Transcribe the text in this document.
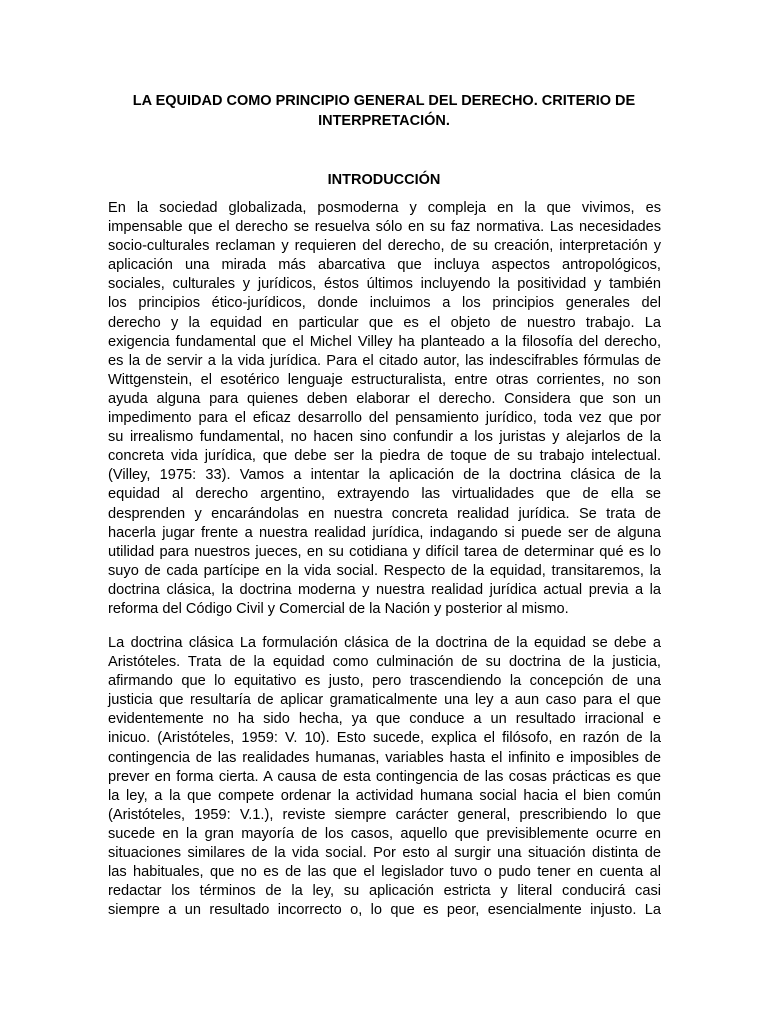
LA EQUIDAD COMO PRINCIPIO GENERAL DEL DERECHO. CRITERIO DE
INTERPRETACIÓN.
INTRODUCCIÓN
En la sociedad globalizada, posmoderna y compleja en la que vivimos, es
impensable que el derecho se resuelva sólo en su faz normativa. Las necesidades
socio-culturales reclaman y requieren del derecho, de su creación, interpretación y
aplicación una mirada más abarcativa que incluya aspectos antropológicos,
sociales, culturales y jurídicos, éstos últimos incluyendo la positividad y también
los principios ético-jurídicos, donde incluimos a los principios generales del
derecho y la equidad en particular que es el objeto de nuestro trabajo. La
exigencia fundamental que el Michel Villey ha planteado a la filosofía del derecho,
es la de servir a la vida jurídica. Para el citado autor, las indescifrables fórmulas de
Wittgenstein, el esotérico lenguaje estructuralista, entre otras corrientes, no son
ayuda alguna para quienes deben elaborar el derecho. Considera que son un
impedimento para el eficaz desarrollo del pensamiento jurídico, toda vez que por
su irrealismo fundamental, no hacen sino confundir a los juristas y alejarlos de la
concreta vida jurídica, que debe ser la piedra de toque de su trabajo intelectual.
(Villey, 1975: 33). Vamos a intentar la aplicación de la doctrina clásica de la
equidad al derecho argentino, extrayendo las virtualidades que de ella se
desprenden y encarándolas en nuestra concreta realidad jurídica. Se trata de
hacerla jugar frente a nuestra realidad jurídica, indagando si puede ser de alguna
utilidad para nuestros jueces, en su cotidiana y difícil tarea de determinar qué es lo
suyo de cada partícipe en la vida social. Respecto de la equidad, transitaremos, la
doctrina clásica, la doctrina moderna y nuestra realidad jurídica actual previa a la
reforma del Código Civil y Comercial de la Nación y posterior al mismo.
La doctrina clásica La formulación clásica de la doctrina de la equidad se debe a
Aristóteles. Trata de la equidad como culminación de su doctrina de la justicia,
afirmando que lo equitativo es justo, pero trascendiendo la concepción de una
justicia que resultaría de aplicar gramaticalmente una ley a aun caso para el que
evidentemente no ha sido hecha, ya que conduce a un resultado irracional e
inicuo. (Aristóteles, 1959: V. 10). Esto sucede, explica el filósofo, en razón de la
contingencia de las realidades humanas, variables hasta el infinito e imposibles de
prever en forma cierta. A causa de esta contingencia de las cosas prácticas es que
la ley, a la que compete ordenar la actividad humana social hacia el bien común
(Aristóteles, 1959: V.1.), reviste siempre carácter general, prescribiendo lo que
sucede en la gran mayoría de los casos, aquello que previsiblemente ocurre en
situaciones similares de la vida social. Por esto al surgir una situación distinta de
las habituales, que no es de las que el legislador tuvo o pudo tener en cuenta al
redactar los términos de la ley, su aplicación estricta y literal conducirá casi
siempre a un resultado incorrecto o, lo que es peor, esencialmente injusto. La
